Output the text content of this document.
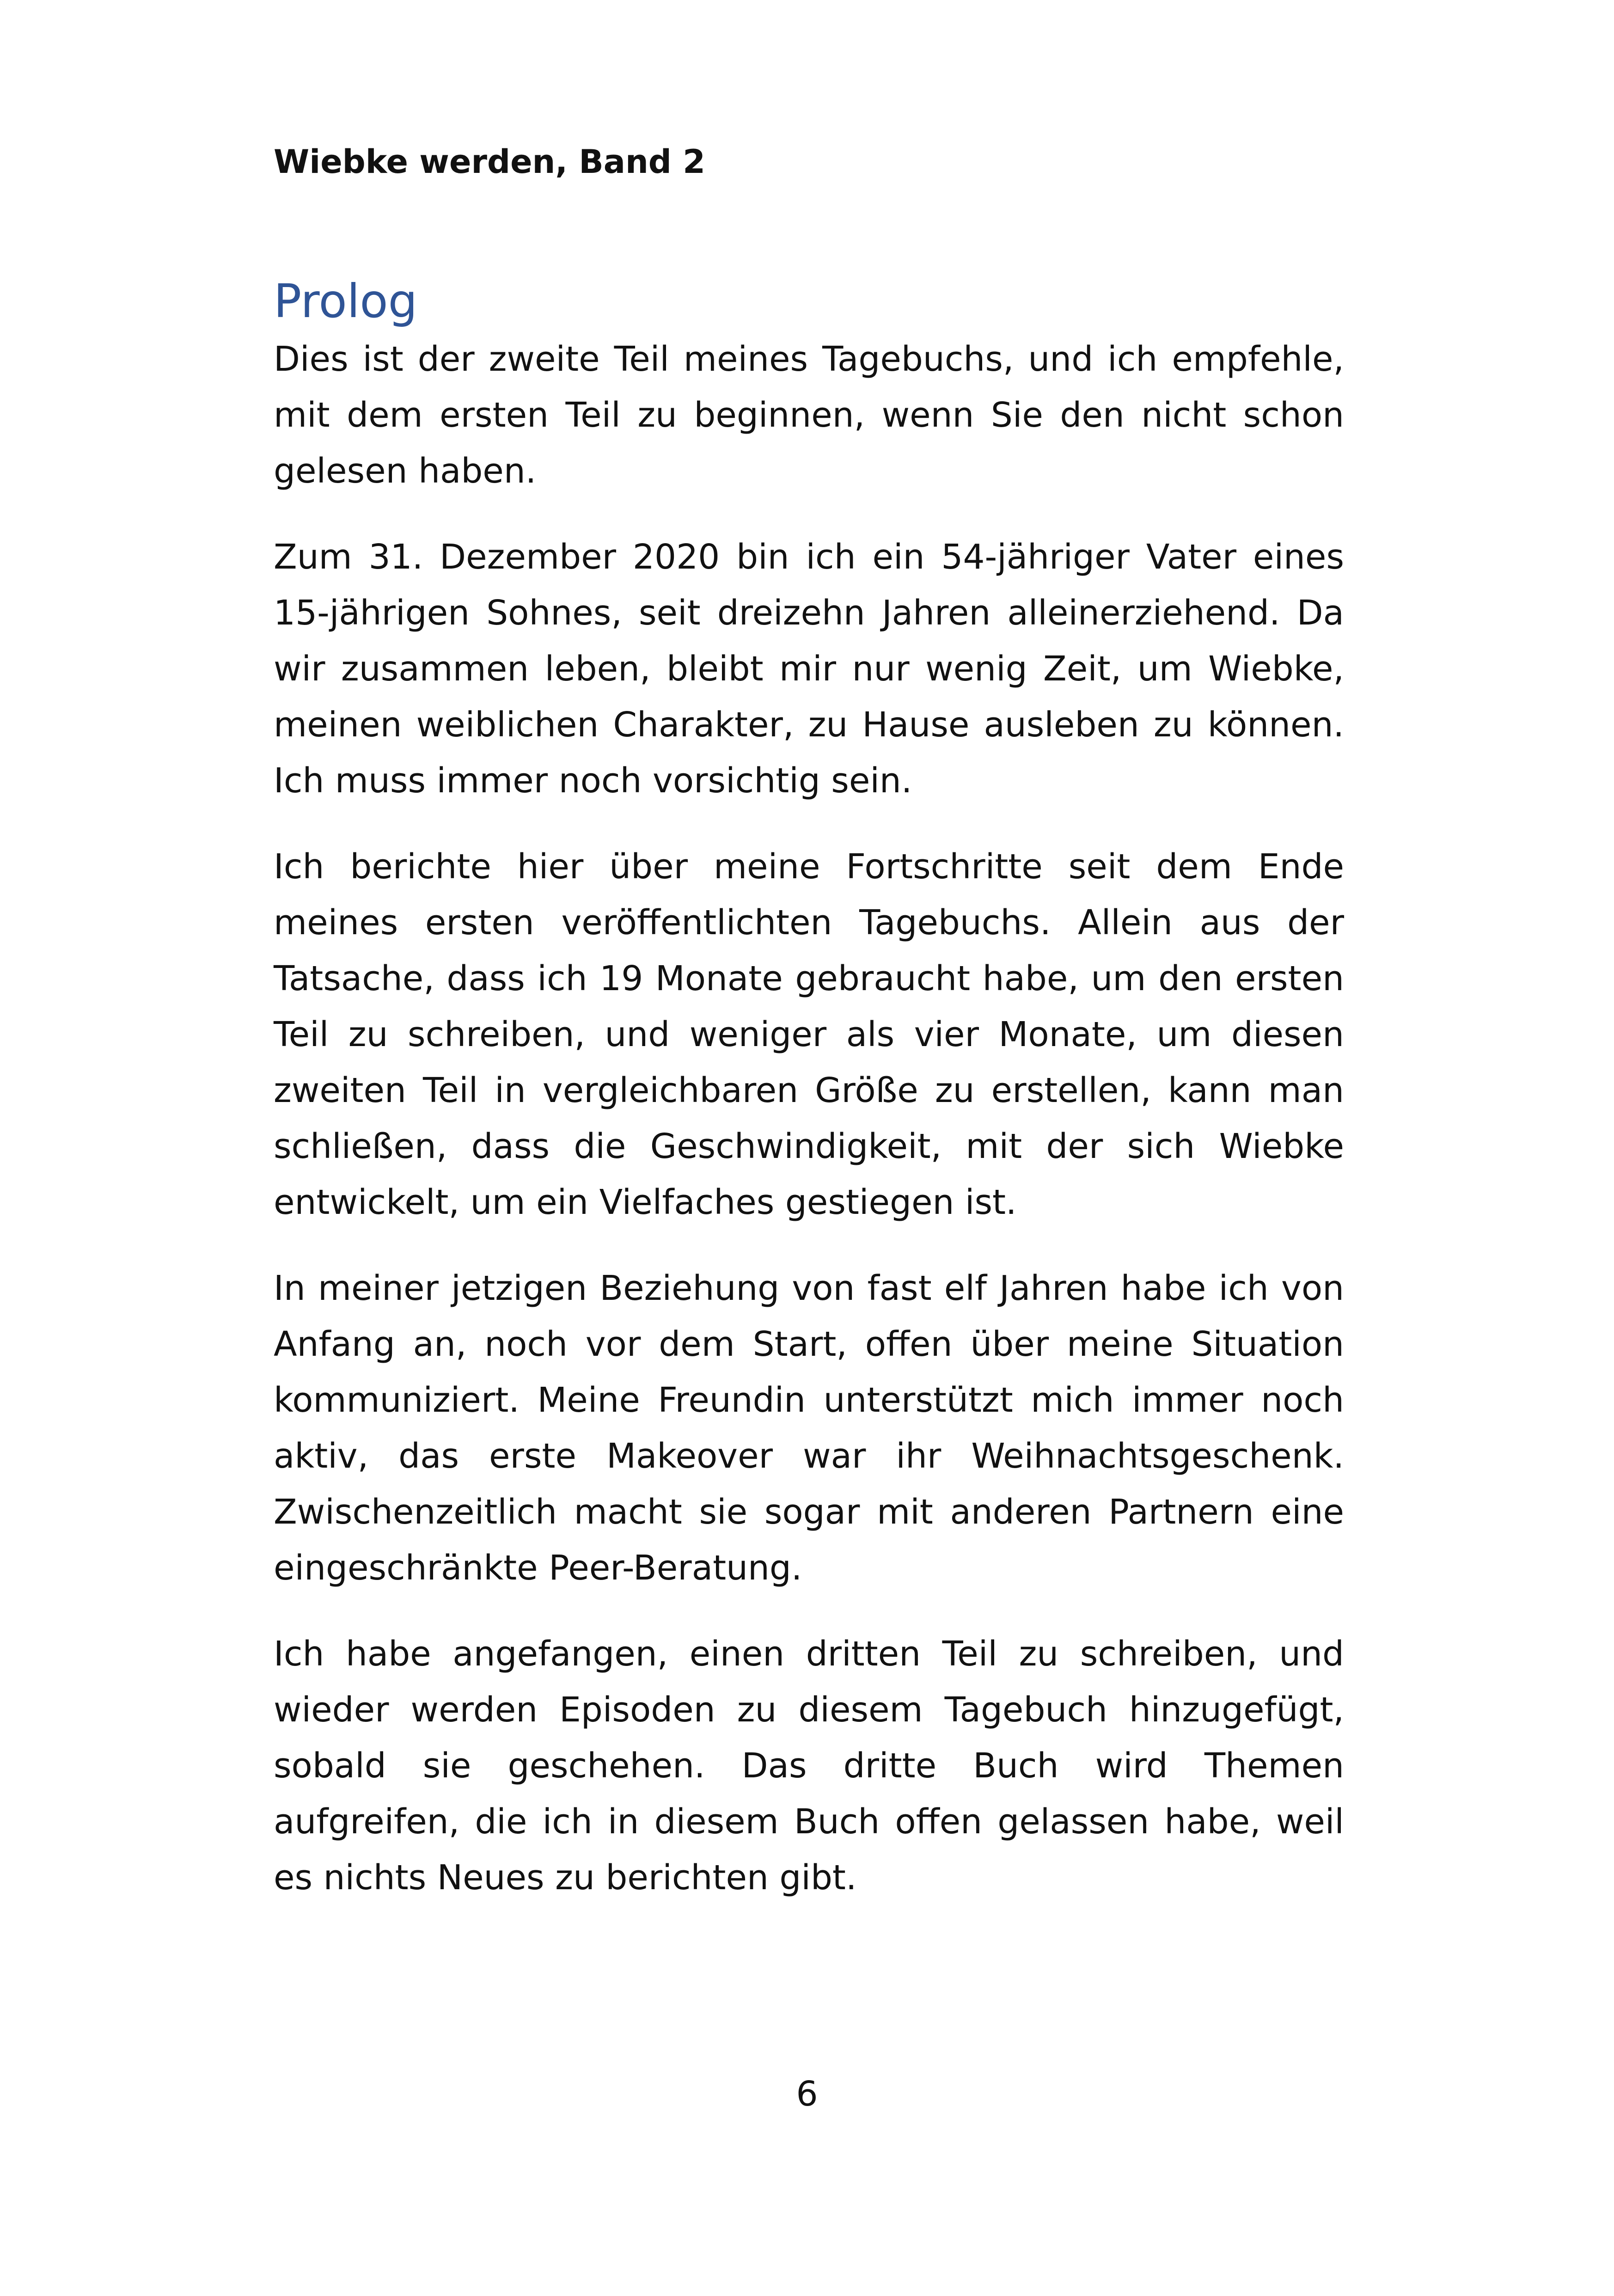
Wiebke werden, Band 2
Prolog

Dies ist der zweite Teil meines Tagebuchs, und ich empfehle, mit dem ersten Teil zu beginnen, wenn Sie den nicht schon gelesen haben.

Zum 31. Dezember 2020 bin ich ein 54-jähriger Vater eines 15-jährigen Sohnes, seit dreizehn Jahren alleinerziehend. Da wir zusammen leben, bleibt mir nur wenig Zeit, um Wiebke, meinen weiblichen Charakter, zu Hause ausleben zu können. Ich muss immer noch vorsichtig sein.

Ich berichte hier über meine Fortschritte seit dem Ende meines ersten veröffentlichten Tagebuchs. Allein aus der Tatsache, dass ich 19 Monate gebraucht habe, um den ersten Teil zu schreiben, und weniger als vier Monate, um diesen zweiten Teil in vergleichbaren Größe zu erstellen, kann man schließen, dass die Geschwindigkeit, mit der sich Wiebke entwickelt, um ein Vielfaches gestiegen ist.

In meiner jetzigen Beziehung von fast elf Jahren habe ich von Anfang an, noch vor dem Start, offen über meine Situation kommuniziert. Meine Freundin unterstützt mich immer noch aktiv, das erste Makeover war ihr Weihnachtsgeschenk. Zwischenzeitlich macht sie sogar mit anderen Partnern eine eingeschränkte Peer-Beratung.

Ich habe angefangen, einen dritten Teil zu schreiben, und wieder werden Episoden zu diesem Tagebuch hinzugefügt, sobald sie geschehen. Das dritte Buch wird Themen aufgreifen, die ich in diesem Buch offen gelassen habe, weil es nichts Neues zu berichten gibt.

6
